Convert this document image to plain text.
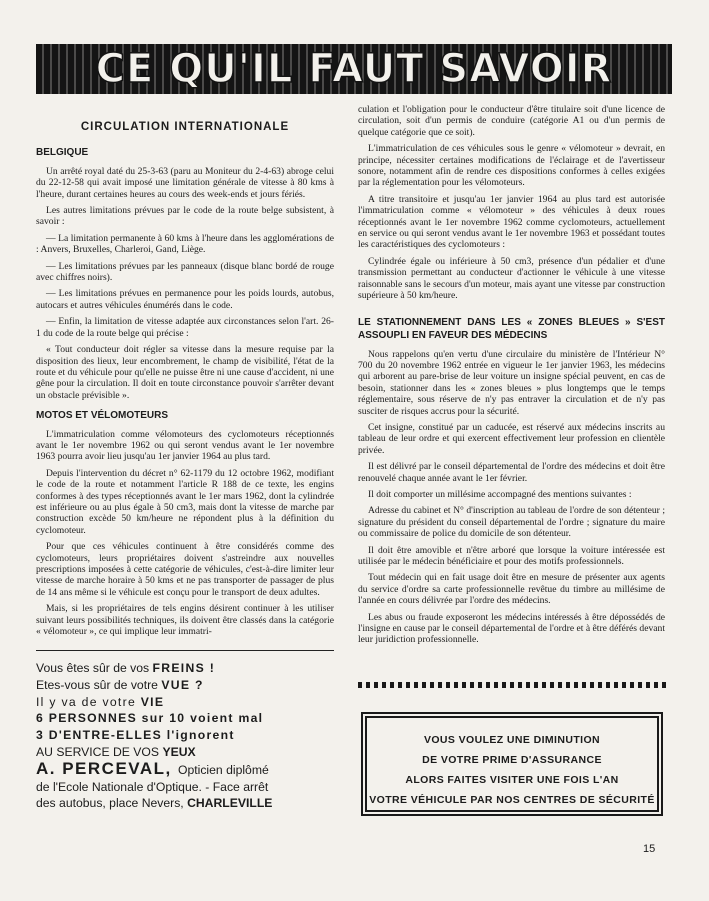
CE QU'IL FAUT SAVOIR
CIRCULATION INTERNATIONALE
BELGIQUE

Un arrêté royal daté du 25-3-63 (paru au Moniteur du 2-4-63) abroge celui du 22-12-58 qui avait imposé une limitation générale de vitesse à 80 kms à l'heure, durant certaines heures au cours des week-ends et jours fériés.

Les autres limitations prévues par le code de la route belge subsistent, à savoir :

— La limitation permanente à 60 kms à l'heure dans les agglomérations de : Anvers, Bruxelles, Charleroi, Gand, Liège.

— Les limitations prévues par les panneaux (disque blanc bordé de rouge avec chiffres noirs).

— Les limitations prévues en permanence pour les poids lourds, autobus, autocars et autres véhicules énumérés dans le code.

— Enfin, la limitation de vitesse adaptée aux circonstances selon l'art. 26-1 du code de la route belge qui précise :

« Tout conducteur doit régler sa vitesse dans la mesure requise par la disposition des lieux, leur encombrement, le champ de visibilité, l'état de la route et du véhicule pour qu'elle ne puisse être ni une cause d'accident, ni une gêne pour la circulation. Il doit en toute circonstance pouvoir s'arrêter devant un obstacle prévisible ».

MOTOS ET VÉLOMOTEURS

L'immatriculation comme vélomoteurs des cyclomoteurs réceptionnés avant le 1er novembre 1962 ou qui seront vendus avant le 1er novembre 1963 pourra avoir lieu jusqu'au 1er janvier 1964 au plus tard.

Depuis l'intervention du décret n° 62-1179 du 12 octobre 1962, modifiant le code de la route et notamment l'article R 188 de ce texte, les engins conformes à des types réceptionnés avant le 1er mars 1962, dont la cylindrée est inférieure ou au plus égale à 50 cm3, mais dont la vitesse de marche par construction excède 50 km/heure ne répondent plus à la définition du cyclomoteur.

Pour que ces véhicules continuent à être considérés comme des cyclomoteurs, leurs propriétaires doivent s'astreindre aux nouvelles prescriptions imposées à cette catégorie de véhicules, c'est-à-dire limiter leur vitesse de marche horaire à 50 kms et ne pas transporter de passager de plus de 14 ans même si le véhicule est conçu pour le transport de deux adultes.

Mais, si les propriétaires de tels engins désirent continuer à les utiliser suivant leurs possibilités techniques, ils doivent être classés dans la catégorie « vélomoteur », ce qui implique leur immatri-

culation et l'obligation pour le conducteur d'être titulaire soit d'une licence de circulation, soit d'un permis de conduire (catégorie A1 ou d'un permis de quelque catégorie que ce soit).

L'immatriculation de ces véhicules sous le genre « vélomoteur » devrait, en principe, nécessiter certaines modifications de l'éclairage et de l'avertisseur sonore, notamment afin de rendre ces dispositions conformes à celles exigées par la réglementation pour les vélomoteurs.

A titre transitoire et jusqu'au 1er janvier 1964 au plus tard est autorisée l'immatriculation comme « vélomoteur » des véhicules à deux roues réceptionnés avant le 1er novembre 1962 comme cyclomoteurs, actuellement en service ou qui seront vendus avant le 1er novembre 1963 et possédant toutes les caractéristiques des cyclomoteurs :

Cylindrée égale ou inférieure à 50 cm3, présence d'un pédalier et d'une transmission permettant au conducteur d'actionner le véhicule à une vitesse raisonnable sans le secours d'un moteur, mais ayant une vitesse par construction supérieure à 50 km/heure.

LE STATIONNEMENT DANS LES « ZONES BLEUES » S'EST ASSOUPLI EN FAVEUR DES MÉDECINS

Nous rappelons qu'en vertu d'une circulaire du ministère de l'Intérieur N° 700 du 20 novembre 1962 entrée en vigueur le 1er janvier 1963, les médecins qui arborent au pare-brise de leur voiture un insigne spécial peuvent, en cas de besoin, stationner dans les « zones bleues » plus longtemps que le temps réglementaire, sous réserve de n'y pas entraver la circulation et de n'y pas susciter de risques accrus pour la sécurité.

Cet insigne, constitué par un caducée, est réservé aux médecins inscrits au tableau de leur ordre et qui exercent effectivement leur profession en clientèle privée.

Il est délivré par le conseil départemental de l'ordre des médecins et doit être renouvelé chaque année avant le 1er février.

Il doit comporter un millésime accompagné des mentions suivantes :

Adresse du cabinet et N° d'inscription au tableau de l'ordre de son détenteur ; signature du président du conseil départemental de l'ordre ; signature du maire ou commissaire de police du domicile de son détenteur.

Il doit être amovible et n'être arboré que lorsque la voiture intéressée est utilisée par le médecin bénéficiaire et pour des motifs professionnels.

Tout médecin qui en fait usage doit être en mesure de présenter aux agents du service d'ordre sa carte professionnelle revêtue du timbre au millésime de l'année en cours délivrée par l'ordre des médecins.

Les abus ou fraude exposeront les médecins intéressés à être dépossédés de l'insigne en cause par le conseil départemental de l'ordre et à être déférés devant leur juridiction professionnelle.

Vous êtes sûr de vos FREINS !
Etes-vous sûr de votre VUE ?
Il y va de votre VIE
6 PERSONNES sur 10 voient mal
3 D'ENTRE-ELLES l'ignorent
AU SERVICE DE VOS YEUX
A. PERCEVAL, Opticien diplômé
de l'Ecole Nationale d'Optique. - Face arrêt
des autobus, place Nevers, CHARLEVILLE
VOUS VOULEZ UNE DIMINUTION
DE VOTRE PRIME D'ASSURANCE
ALORS FAITES VISITER UNE FOIS L'AN
VOTRE VÉHICULE PAR NOS CENTRES DE SÉCURITÉ
15
